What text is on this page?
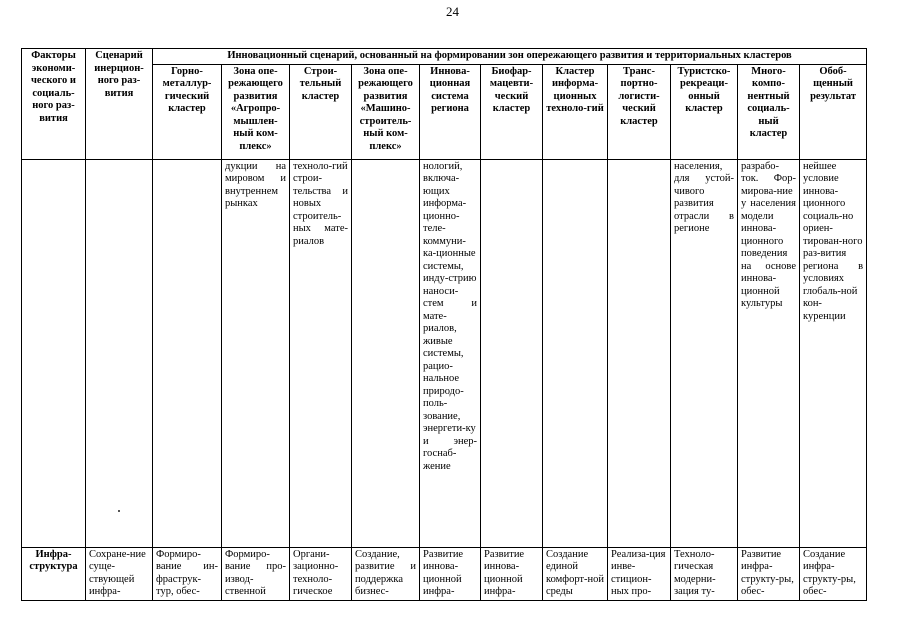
24
Факторы экономи-ческого и социаль-ного раз-вития	Сценарий инерцион-ного раз-вития	Инновационный сценарий, основанный на формировании зон опережающего развития и территориальных кластеров										
		Горно-металлур-гический кластер	Зона опе-режающего развития «Агропро-мышлен-ный ком-плекс»	Строи-тельный кластер	Зона опе-режающего развития «Машино-строитель-ный ком-плекс»	Иннова-ционная система региона	Биофар-мацевти-ческий кластер	Кластер информа-ционных техноло-гий	Транс-портно-логисти-ческий кластер	Туристско-рекреаци-онный кластер	Много-компо-нентный социаль-ный кластер	Обоб-щенный результат
			дукции на мировом и внутреннем рынках	техноло-гий строи-тельства и новых строитель-ных мате-риалов		нологий, включа-ющих информа-ционно-теле-коммуни-ка-ционные системы, инду-стрию наноси-стем и мате-риалов, живые системы, рацио-нальное природо-поль-зование, энергети-ку и энер-госнаб-жение				населения, для устой-чивого развития отрасли в регионе	разрабо-ток. Фор-мирова-ние у населения модели иннова-ционного поведения на основе иннова-ционной культуры	нейшее условие иннова-ционного социаль-но ориен-тирован-ного раз-вития региона в условиях глобаль-ной кон-куренции
Инфра-структура	Сохране-ние суще-ствующей инфра-	Формиро-вание ин-фраструк-тур, обес-	Формиро-вание про-извод-ственной	Органи-зационно-техноло-гическое	Создание, развитие и поддержка бизнес-	Развитие иннова-ционной инфра-	Развитие иннова-ционной инфра-	Создание единой комфорт-ной среды	Реализа-ция инве-стицион-ных про-	Техноло-гическая модерни-зация ту-	Развитие инфра-структу-ры, обес-	Создание инфра-структу-ры, обес-
